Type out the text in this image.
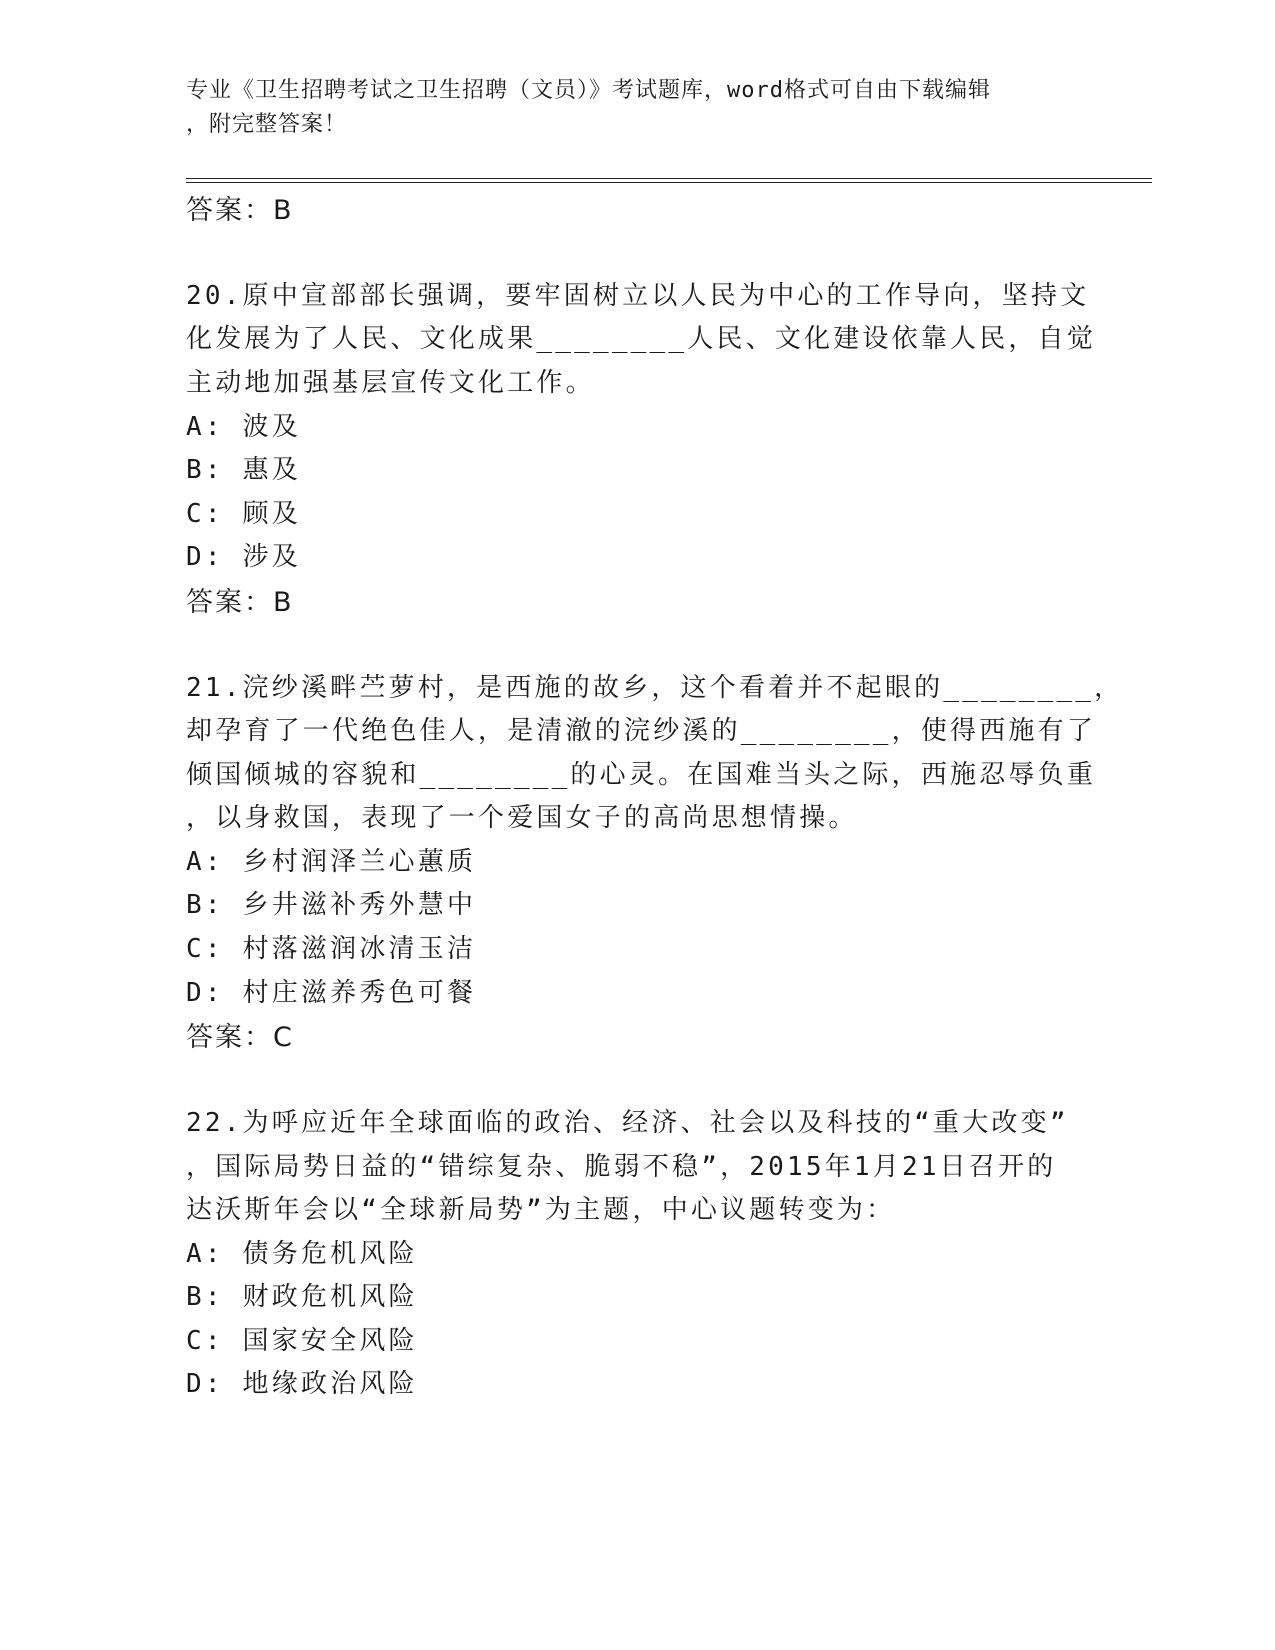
专业《卫生招聘考试之卫生招聘（文员）》考试题库，word格式可自由下载编辑
，附完整答案！
答案：B
20.原中宣部部长强调，要牢固树立以人民为中心的工作导向，坚持文
化发展为了人民、文化成果________人民、文化建设依靠人民，自觉
主动地加强基层宣传文化工作。
A: 波及
B: 惠及
C: 顾及
D: 涉及
答案：B
21.浣纱溪畔苎萝村，是西施的故乡，这个看着并不起眼的________，
却孕育了一代绝色佳人，是清澈的浣纱溪的________，使得西施有了
倾国倾城的容貌和________的心灵。在国难当头之际，西施忍辱负重
，以身救国，表现了一个爱国女子的高尚思想情操。
A: 乡村润泽兰心蕙质
B: 乡井滋补秀外慧中
C: 村落滋润冰清玉洁
D: 村庄滋养秀色可餐
答案：C
22.为呼应近年全球面临的政治、经济、社会以及科技的“重大改变”
，国际局势日益的“错综复杂、脆弱不稳”，2015年1月21日召开的
达沃斯年会以“全球新局势”为主题，中心议题转变为：
A: 债务危机风险
B: 财政危机风险
C: 国家安全风险
D: 地缘政治风险
